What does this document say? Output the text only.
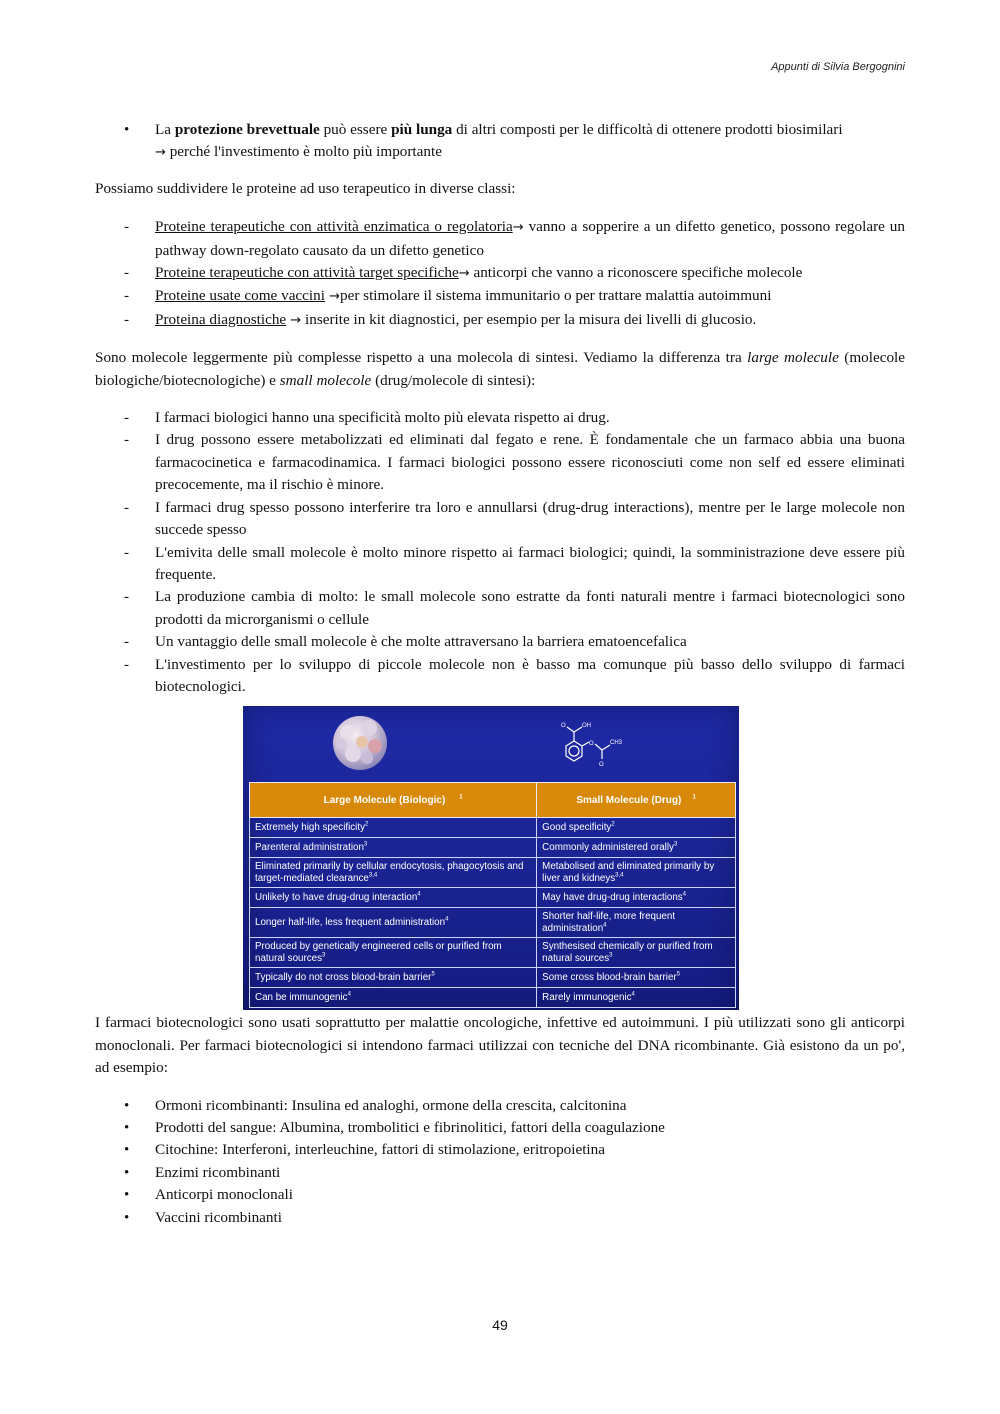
Appunti di Silvia Bergognini
• La protezione brevettuale può essere più lunga di altri composti per le difficoltà di ottenere prodotti biosimilari
→ perché l'investimento è molto più importante

Possiamo suddividere le proteine ad uso terapeutico in diverse classi:

- Proteine terapeutiche con attività enzimatica o regolatoria→ vanno a sopperire a un difetto genetico, possono regolare un pathway down-regolato causato da un difetto genetico
- Proteine terapeutiche con attività target specifiche→ anticorpi che vanno a riconoscere specifiche molecole
- Proteine usate come vaccini →per stimolare il sistema immunitario o per trattare malattia autoimmuni
- Proteina diagnostiche → inserite in kit diagnostici, per esempio per la misura dei livelli di glucosio.

Sono molecole leggermente più complesse rispetto a una molecola di sintesi. Vediamo la differenza tra large molecule (molecole biologiche/biotecnologiche) e small molecole (drug/molecole di sintesi):

- I farmaci biologici hanno una specificità molto più elevata rispetto ai drug.
- I drug possono essere metabolizzati ed eliminati dal fegato e rene. È fondamentale che un farmaco abbia una buona farmacocinetica e farmacodinamica. I farmaci biologici possono essere riconosciuti come non self ed essere eliminati precocemente, ma il rischio è minore.
- I farmaci drug spesso possono interferire tra loro e annullarsi (drug-drug interactions), mentre per le large molecole non succede spesso
- L'emivita delle small molecole è molto minore rispetto ai farmaci biologici; quindi, la somministrazione deve essere più frequente.
- La produzione cambia di molto: le small molecole sono estratte da fonti naturali mentre i farmaci biotecnologici sono prodotti da microrganismi o cellule
- Un vantaggio delle small molecole è che molte attraversano la barriera ematoencefalica
- L'investimento per lo sviluppo di piccole molecole non è basso ma comunque più basso dello sviluppo di farmaci biotecnologici.
O	OH
O	CH3
O
Large Molecule (Biologic) $^1$	Small Molecule (Drug) $^1$
Extremely high specificity$^2$	Good specificity$^2$
Parenteral administration$^3$	Commonly administered orally$^3$
Eliminated primarily by cellular endocytosis, phagocytosis and target-mediated clearance$^{3,4}$	Metabolised and eliminated primarily by liver and kidneys$^{3,4}$
Unlikely to have drug-drug interaction$^4$	May have drug-drug interactions$^4$
Longer half-life, less frequent administration$^4$	Shorter half-life, more frequent administration$^4$
Produced by genetically engineered cells or purified from natural sources$^3$	Synthesised chemically or purified from natural sources$^3$
Typically do not cross blood-brain barrier$^5$	Some cross blood-brain barrier$^5$
Can be immunogenic$^4$	Rarely immunogenic$^4$

I farmaci biotecnologici sono usati soprattutto per malattie oncologiche, infettive ed autoimmuni. I più utilizzati sono gli anticorpi monoclonali. Per farmaci biotecnologici si intendono farmaci utilizzai con tecniche del DNA ricombinante. Già esistono da un po', ad esempio:

• Ormoni ricombinanti: Insulina ed analoghi, ormone della crescita, calcitonina
• Prodotti del sangue: Albumina, trombolitici e fibrinolitici, fattori della coagulazione
• Citochine: Interferoni, interleuchine, fattori di stimolazione, eritropoietina
• Enzimi ricombinanti
• Anticorpi monoclonali
• Vaccini ricombinanti
49
